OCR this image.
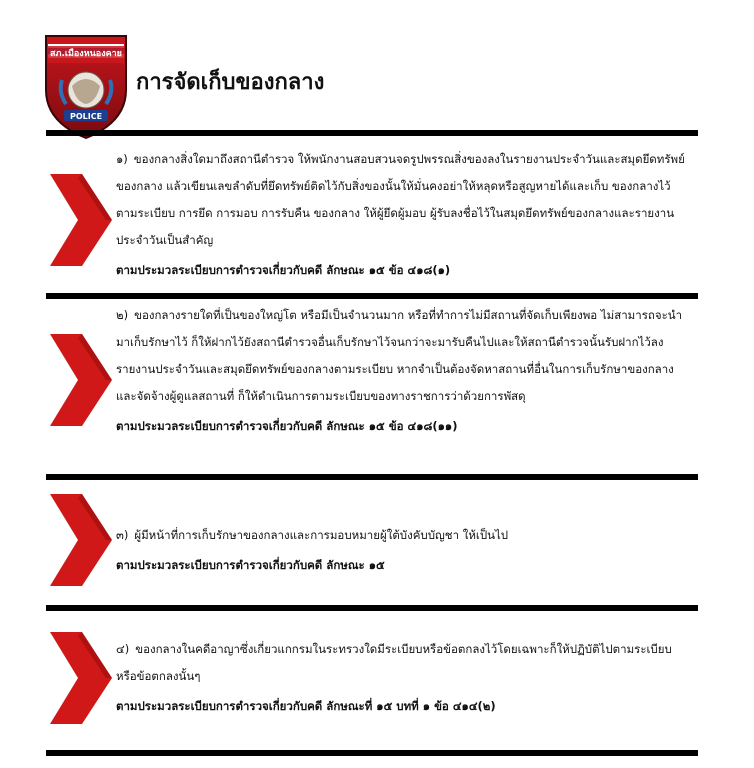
สภ.เมืองหนองคาย
POLICE
การจัดเก็บของกลาง

๑) ของกลางสิ่งใดมาถึงสถานีตำรวจ ให้พนักงานสอบสวนจดรูปพรรณสิ่งของลงในรายงานประจำวันและสมุดยึดทรัพย์ของกลาง แล้วเขียนเลขลำดับที่ยึดทรัพย์ติดไว้กับสิ่งของนั้นให้มั่นคงอย่าให้หลุดหรือสูญหายได้และเก็บ ของกลางไว้ตามระเบียบ การยึด การมอบ การรับคืน ของกลาง ให้ผู้ยึดผู้มอบ ผู้รับลงชื่อไว้ในสมุดยึดทรัพย์ของกลางและรายงานประจำวันเป็นสำคัญ

ตามประมวลระเบียบการตำรวจเกี่ยวกับคดี ลักษณะ ๑๕ ข้อ ๔๑๘(๑)

๒) ของกลางรายใดที่เป็นของใหญ่โต หรือมีเป็นจำนวนมาก หรือที่ทำการไม่มีสถานที่จัดเก็บเพียงพอ ไม่สามารถจะนำมาเก็บรักษาไว้ ก็ให้ฝากไว้ยังสถานีตำรวจอื่นเก็บรักษาไว้จนกว่าจะมารับคืนไปและให้สถานีตำรวจนั้นรับฝากไว้ลงรายงานประจำวันและสมุดยึดทรัพย์ของกลางตามระเบียบ หากจำเป็นต้องจัดหาสถานที่อื่นในการเก็บรักษาของกลางและจัดจ้างผู้ดูแลสถานที่ ก็ให้ดำเนินการตามระเบียบของทางราชการว่าด้วยการพัสดุ

ตามประมวลระเบียบการตำรวจเกี่ยวกับคดี ลักษณะ ๑๕ ข้อ ๔๑๘(๑๑)

๓) ผู้มีหน้าที่การเก็บรักษาของกลางและการมอบหมายผู้ใต้บังคับบัญชา ให้เป็นไป

ตามประมวลระเบียบการตำรวจเกี่ยวกับคดี ลักษณะ ๑๕

๔) ของกลางในคดีอาญาซึ่งเกี่ยวแกกรมในระทรวงใดมีระเบียบหรือข้อตกลงไว้โดยเฉพาะก็ให้ปฏิบัติไปตามระเบียบหรือข้อตกลงนั้นๆ

ตามประมวลระเบียบการตำรวจเกี่ยวกับคดี ลักษณะที่ ๑๕ บทที่ ๑ ข้อ ๔๑๔(๒)
